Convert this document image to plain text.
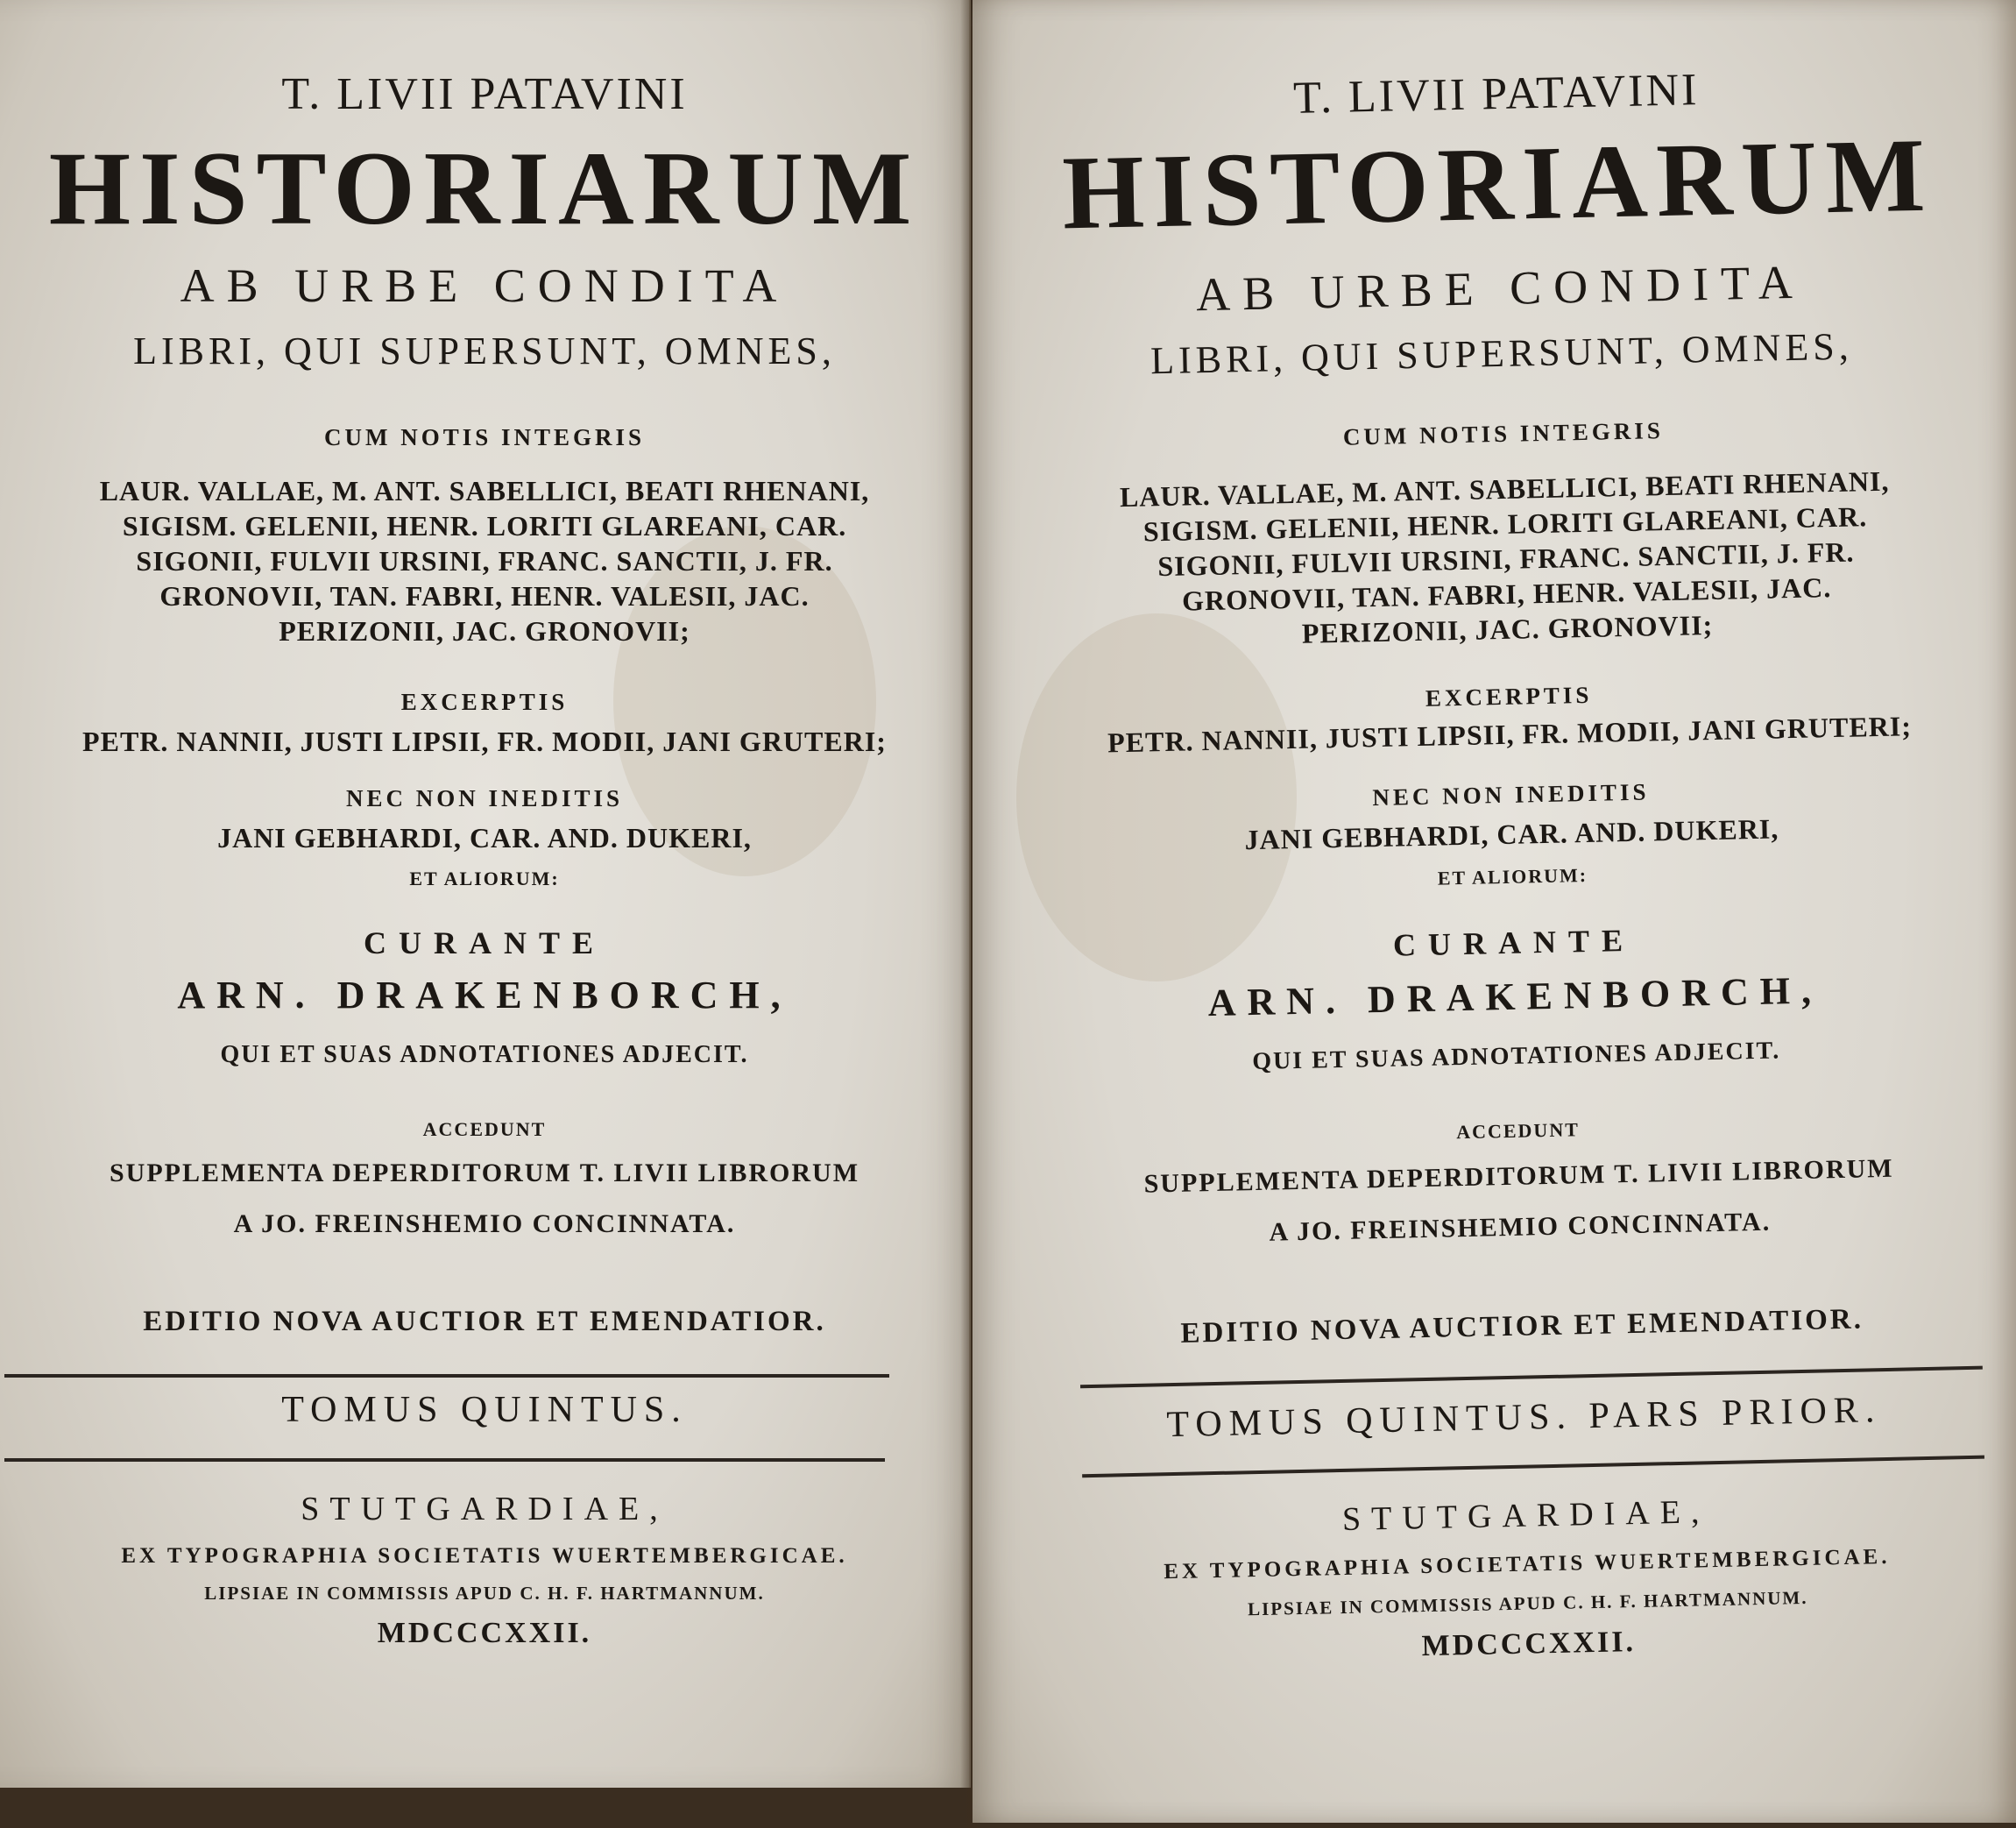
T. LIVII PATAVINI
HISTORIARUM
AB URBE CONDITA
LIBRI, QUI SUPERSUNT, OMNES,
CUM NOTIS INTEGRIS
LAUR. VALLAE, M. ANT. SABELLICI, BEATI RHENANI,
SIGISM. GELENII, HENR. LORITI GLAREANI, CAR.
SIGONII, FULVII URSINI, FRANC. SANCTII, J. FR.
GRONOVII, TAN. FABRI, HENR. VALESII, JAC.
PERIZONII, JAC. GRONOVII;
EXCERPTIS
PETR. NANNII, JUSTI LIPSII, FR. MODII, JANI GRUTERI;
NEC NON INEDITIS
JANI GEBHARDI, CAR. AND. DUKERI,
ET ALIORUM:
CURANTE
ARN. DRAKENBORCH,
QUI ET SUAS ADNOTATIONES ADJECIT.
ACCEDUNT
SUPPLEMENTA DEPERDITORUM T. LIVII LIBRORUM
A JO. FREINSHEMIO CONCINNATA.
EDITIO NOVA AUCTIOR ET EMENDATIOR.
TOMUS QUINTUS.
STUTGARDIAE,
EX TYPOGRAPHIA SOCIETATIS WUERTEMBERGICAE.
LIPSIAE IN COMMISSIS APUD C. H. F. HARTMANNUM.
MDCCCXXII.
T. LIVII PATAVINI
HISTORIARUM
AB URBE CONDITA
LIBRI, QUI SUPERSUNT, OMNES,
CUM NOTIS INTEGRIS
LAUR. VALLAE, M. ANT. SABELLICI, BEATI RHENANI,
SIGISM. GELENII, HENR. LORITI GLAREANI, CAR.
SIGONII, FULVII URSINI, FRANC. SANCTII, J. FR.
GRONOVII, TAN. FABRI, HENR. VALESII, JAC.
PERIZONII, JAC. GRONOVII;
EXCERPTIS
PETR. NANNII, JUSTI LIPSII, FR. MODII, JANI GRUTERI;
NEC NON INEDITIS
JANI GEBHARDI, CAR. AND. DUKERI,
ET ALIORUM:
CURANTE
ARN. DRAKENBORCH,
QUI ET SUAS ADNOTATIONES ADJECIT.
ACCEDUNT
SUPPLEMENTA DEPERDITORUM T. LIVII LIBRORUM
A JO. FREINSHEMIO CONCINNATA.
EDITIO NOVA AUCTIOR ET EMENDATIOR.
TOMUS QUINTUS. PARS PRIOR.
STUTGARDIAE,
EX TYPOGRAPHIA SOCIETATIS WUERTEMBERGICAE.
LIPSIAE IN COMMISSIS APUD C. H. F. HARTMANNUM.
MDCCCXXII.
